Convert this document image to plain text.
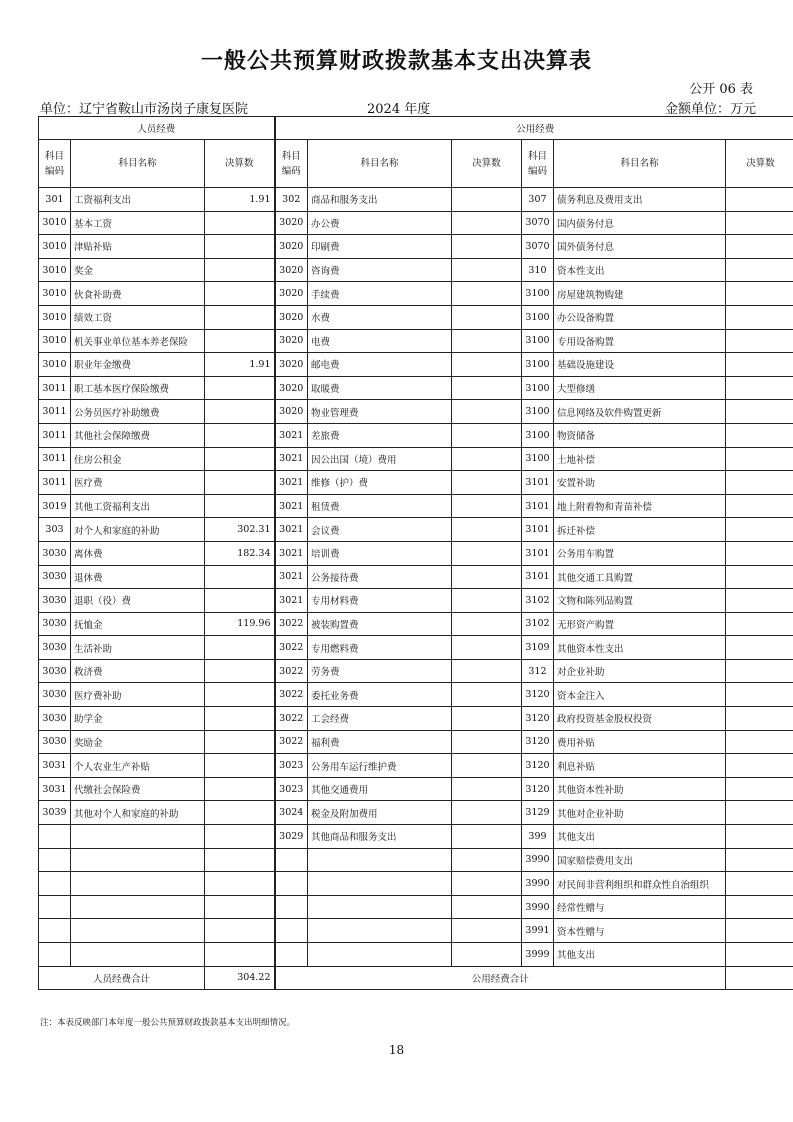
一般公共预算财政拨款基本支出决算表
公开 06 表
单位：辽宁省鞍山市汤岗子康复医院	2024 年度	金额单位：万元
人员经费			公用经费					
科目编码	科目名称	决算数	科目编码	科目名称	决算数	科目编码	科目名称	决算数
301	工资福利支出	1.91	302	商品和服务支出		307	债务利息及费用支出	
3010	基本工资		3020	办公费		3070	国内债务付息	
3010	津贴补贴		3020	印刷费		3070	国外债务付息	
3010	奖金		3020	咨询费		310	资本性支出	
3010	伙食补助费		3020	手续费		3100	房屋建筑物购建	
3010	绩效工资		3020	水费		3100	办公设备购置	
3010	机关事业单位基本养老保险		3020	电费		3100	专用设备购置	
3010	职业年金缴费	1.91	3020	邮电费		3100	基础设施建设	
3011	职工基本医疗保险缴费		3020	取暖费		3100	大型修缮	
3011	公务员医疗补助缴费		3020	物业管理费		3100	信息网络及软件购置更新	
3011	其他社会保障缴费		3021	差旅费		3100	物资储备	
3011	住房公积金		3021	因公出国（境）费用		3100	土地补偿	
3011	医疗费		3021	维修（护）费		3101	安置补助	
3019	其他工资福利支出		3021	租赁费		3101	地上附着物和青苗补偿	
303	对个人和家庭的补助	302.31	3021	会议费		3101	拆迁补偿	
3030	离休费	182.34	3021	培训费		3101	公务用车购置	
3030	退休费		3021	公务接待费		3101	其他交通工具购置	
3030	退职（役）费		3021	专用材料费		3102	文物和陈列品购置	
3030	抚恤金	119.96	3022	被装购置费		3102	无形资产购置	
3030	生活补助		3022	专用燃料费		3109	其他资本性支出	
3030	救济费		3022	劳务费		312	对企业补助	
3030	医疗费补助		3022	委托业务费		3120	资本金注入	
3030	助学金		3022	工会经费		3120	政府投资基金股权投资	
3030	奖励金		3022	福利费		3120	费用补贴	
3031	个人农业生产补贴		3023	公务用车运行维护费		3120	利息补贴	
3031	代缴社会保险费		3023	其他交通费用		3120	其他资本性补助	
3039	其他对个人和家庭的补助		3024	税金及附加费用		3129	其他对企业补助	
			3029	其他商品和服务支出		399	其他支出	
						3990	国家赔偿费用支出	
						3990	对民间非营利组织和群众性自治组织	
						3990	经常性赠与	
						3991	资本性赠与	
						3999	其他支出	
人员经费合计		304.22	公用经费合计					
注：本表反映部门本年度一般公共预算财政拨款基本支出明细情况。
18
